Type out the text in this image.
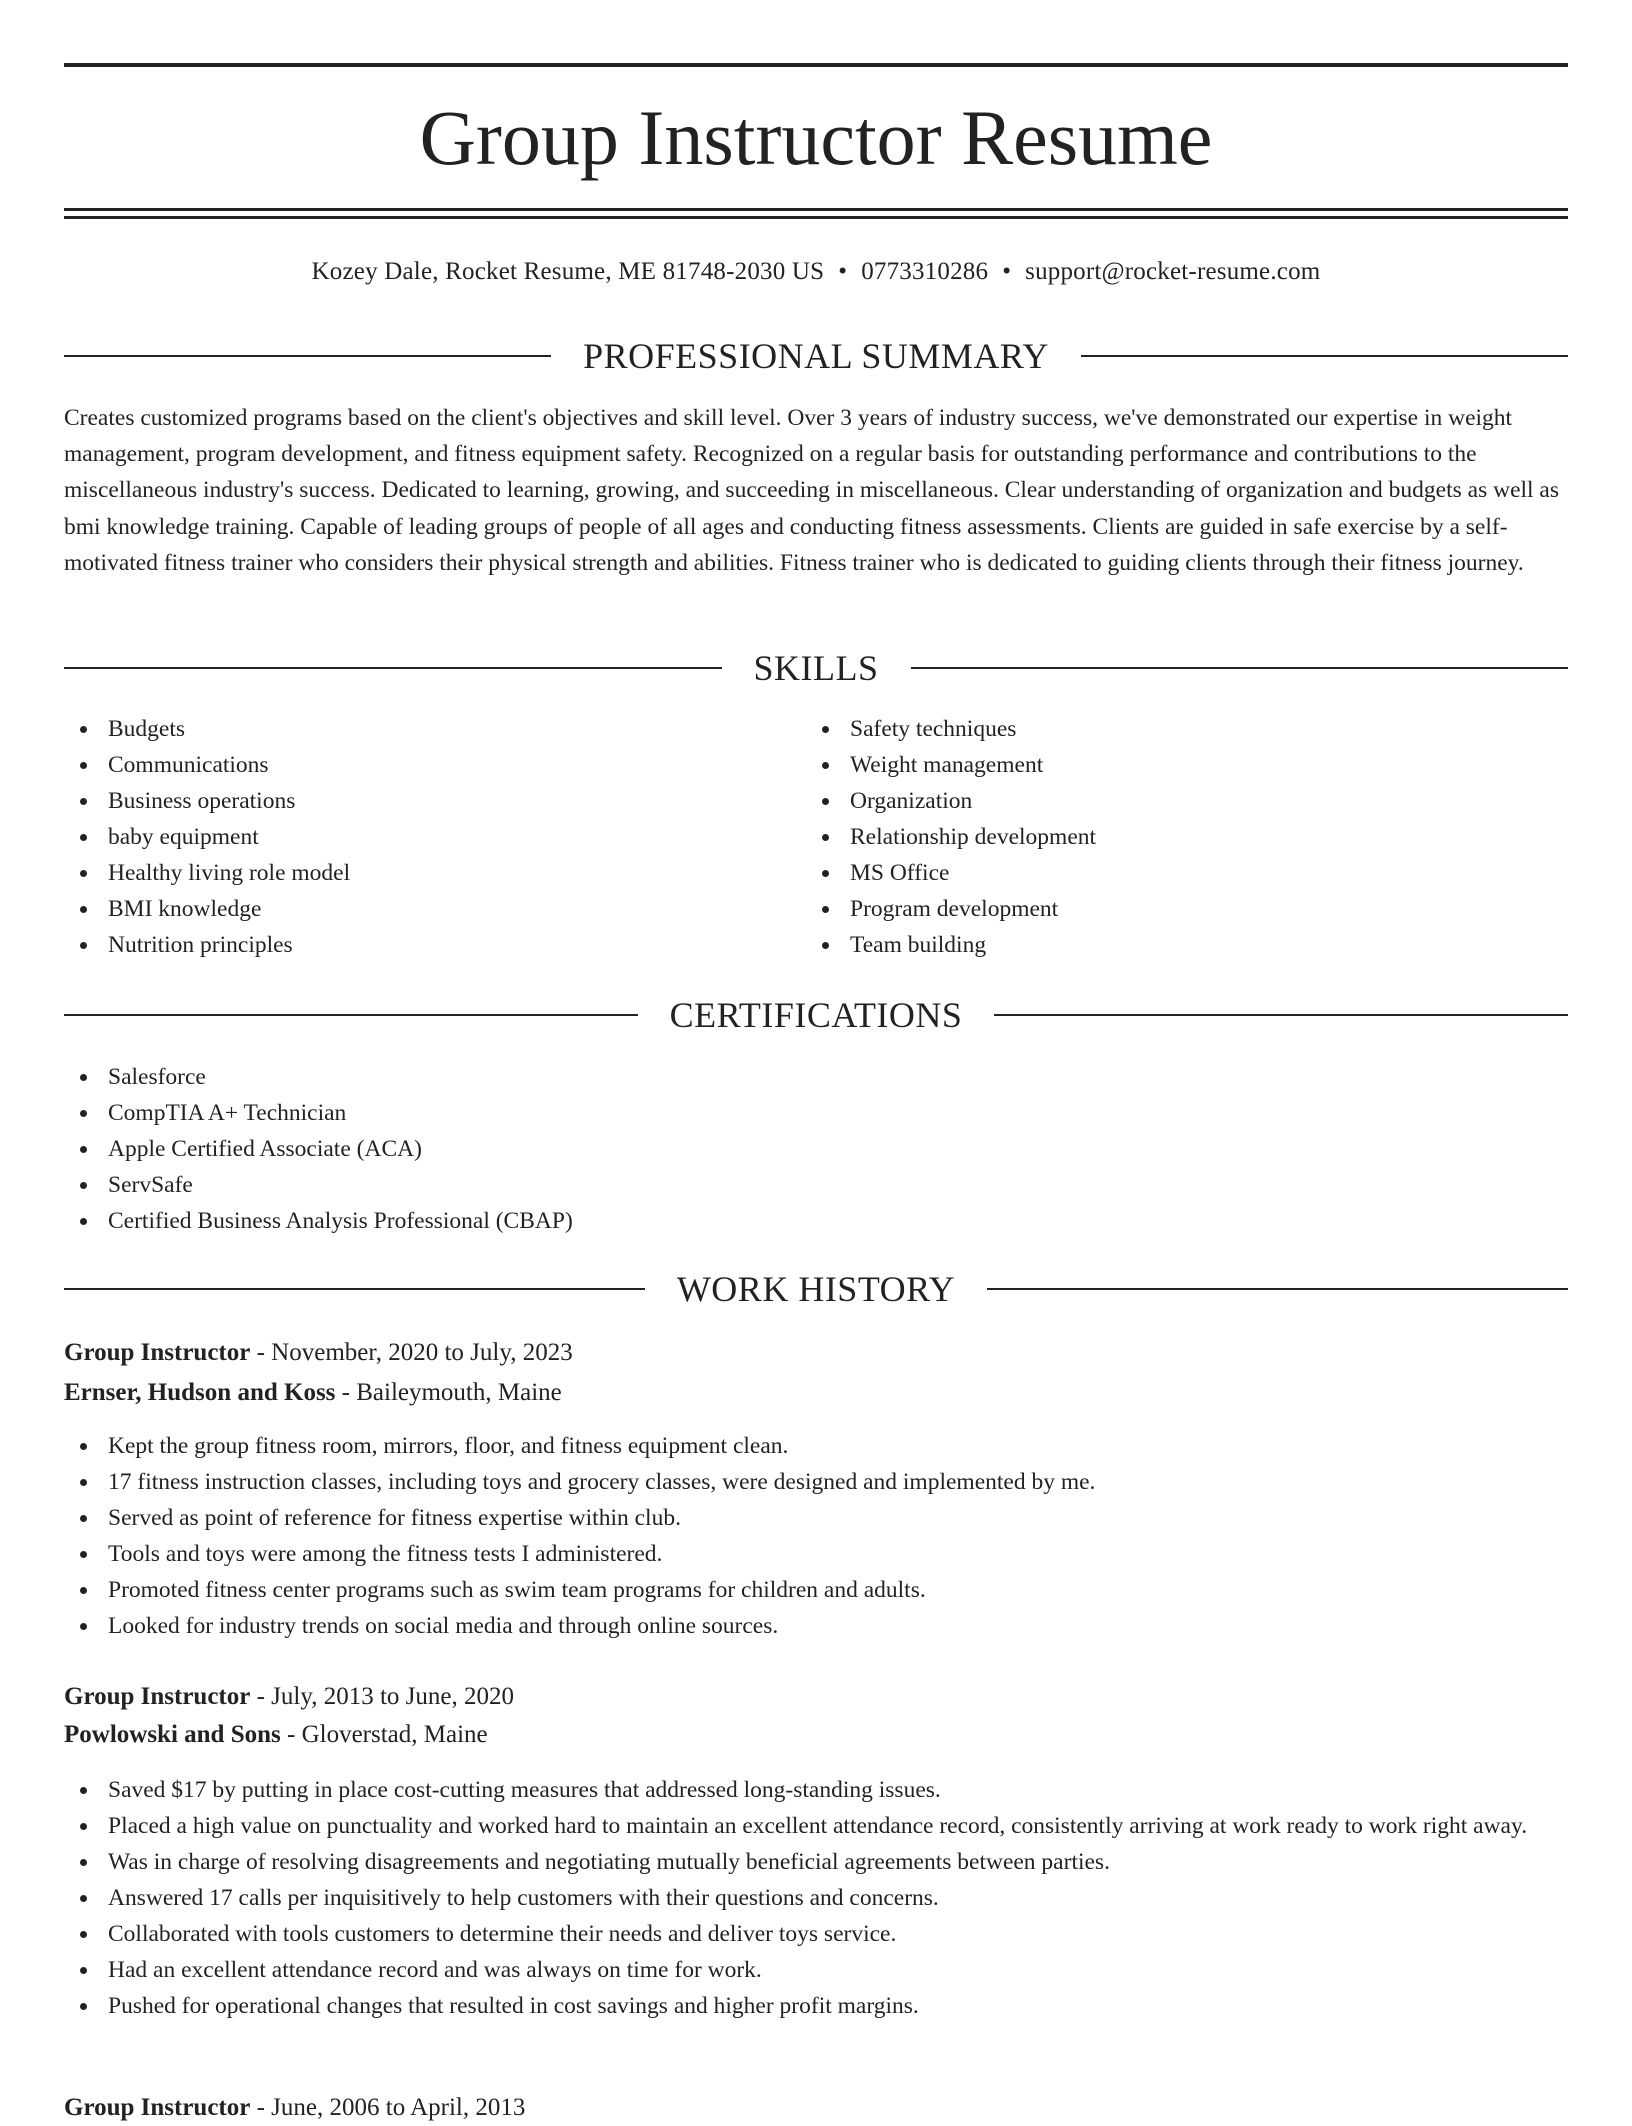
Group Instructor Resume
Kozey Dale, Rocket Resume, ME 81748-2030 US • 0773310286 • support@rocket-resume.com
PROFESSIONAL SUMMARY

Creates customized programs based on the client's objectives and skill level. Over 3 years of industry success, we've demonstrated our expertise in weight management, program development, and fitness equipment safety. Recognized on a regular basis for outstanding performance and contributions to the miscellaneous industry's success. Dedicated to learning, growing, and succeeding in miscellaneous. Clear understanding of organization and budgets as well as bmi knowledge training. Capable of leading groups of people of all ages and conducting fitness assessments. Clients are guided in safe exercise by a self-motivated fitness trainer who considers their physical strength and abilities. Fitness trainer who is dedicated to guiding clients through their fitness journey.

SKILLS
Budgets
Communications
Business operations
baby equipment
Healthy living role model
BMI knowledge
Nutrition principles
Safety techniques
Weight management
Organization
Relationship development
MS Office
Program development
Team building
CERTIFICATIONS
Salesforce
CompTIA A+ Technician
Apple Certified Associate (ACA)
ServSafe
Certified Business Analysis Professional (CBAP)
WORK HISTORY
Group Instructor - November, 2020 to July, 2023
Ernser, Hudson and Koss - Baileymouth, Maine
Kept the group fitness room, mirrors, floor, and fitness equipment clean.
17 fitness instruction classes, including toys and grocery classes, were designed and implemented by me.
Served as point of reference for fitness expertise within club.
Tools and toys were among the fitness tests I administered.
Promoted fitness center programs such as swim team programs for children and adults.
Looked for industry trends on social media and through online sources.
Group Instructor - July, 2013 to June, 2020
Powlowski and Sons - Gloverstad, Maine
Saved $17 by putting in place cost-cutting measures that addressed long-standing issues.
Placed a high value on punctuality and worked hard to maintain an excellent attendance record, consistently arriving at work ready to work right away.
Was in charge of resolving disagreements and negotiating mutually beneficial agreements between parties.
Answered 17 calls per inquisitively to help customers with their questions and concerns.
Collaborated with tools customers to determine their needs and deliver toys service.
Had an excellent attendance record and was always on time for work.
Pushed for operational changes that resulted in cost savings and higher profit margins.
Group Instructor - June, 2006 to April, 2013
